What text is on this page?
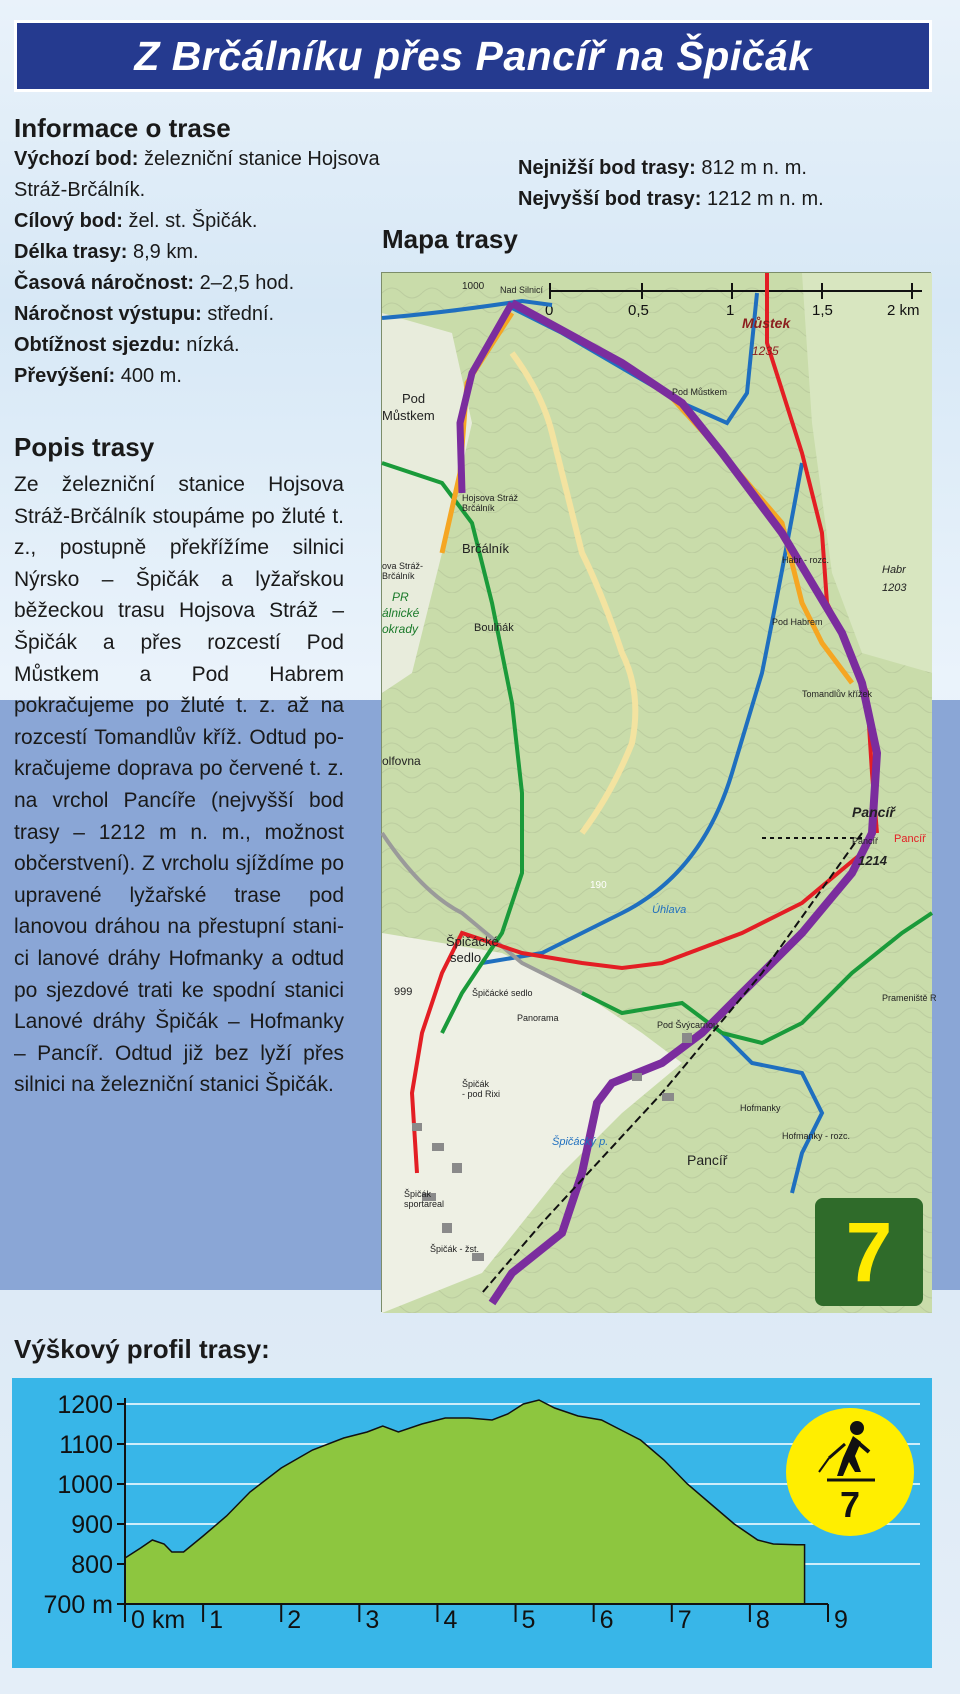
Z Brčálníku přes Pancíř na Špičák
Informace o trase

Výchozí bod: železniční stanice Hojsova Stráž-Brčálník.

Cílový bod: žel. st. Špičák.

Délka trasy: 8,9 km.

Časová náročnost: 2–2,5 hod.

Náročnost výstupu: střední.

Obtížnost sjezdu: nízká.

Převýšení: 400 m.

Nejnižší bod trasy: 812 m n. m.

Nejvyšší bod trasy: 1212 m n. m.

Popis trasy

Ze železniční stanice Hojsova Stráž-Brčálník stoupáme po žluté t. z., postupně překřížíme silnici Nýrsko – Špičák a lyžařskou běžeckou trasu Hojsova Stráž – Špičák a přes rozcestí Pod Můstkem a Pod Habrem pokračujeme po žluté t. z. až na rozcestí Tomandlův kříž. Odtud pokračujeme doprava po červené t. z. na vrchol Pancíře (nejvyšší bod trasy – 1212 m n. m., možnost občerstvení). Z vrcholu sjíždíme po upravené lyžařské trase pod lanovou dráhou na přestupní stanici lanové dráhy Hofmanky a odtud po sjezdové trati ke spodní stanici Lanové dráhy Špičák – Hofmanky – Pancíř. Odtud již bez lyží přes silnici na železniční stanici Špičák.

Mapa trasy
0	0,5	1	1,5	2 km
Nad Silnicí
1000
Můstek
1235
Pod Můstkem
Pod
Můstkem
Hojsova Stráž
Brčálník
Brčálník
ova Stráž-
Brčálník
PR
álnické
okrady	Boulňák
Habr - rozc.
Habr
1203
Pod Habrem
Tomandlův křížek
olfovna
190
Úhlava
Pancíř
Pancíř Pancíř
1214
Špičácké
sedlo
999	Špičácké sedlo
Panorama
Pod Švýcarnou
Prameniště R
Špičák
- pod Rixi
Hofmanky
Hofmanky - rozc.
Špičácký p.
Pancíř
Špičák
sportareal
Špičák - žst.	7
Výškový profil trasy:
700 m
800
900
1000
1100
1200
0 km 1	2	3	4	5	6	7	8	9
7
